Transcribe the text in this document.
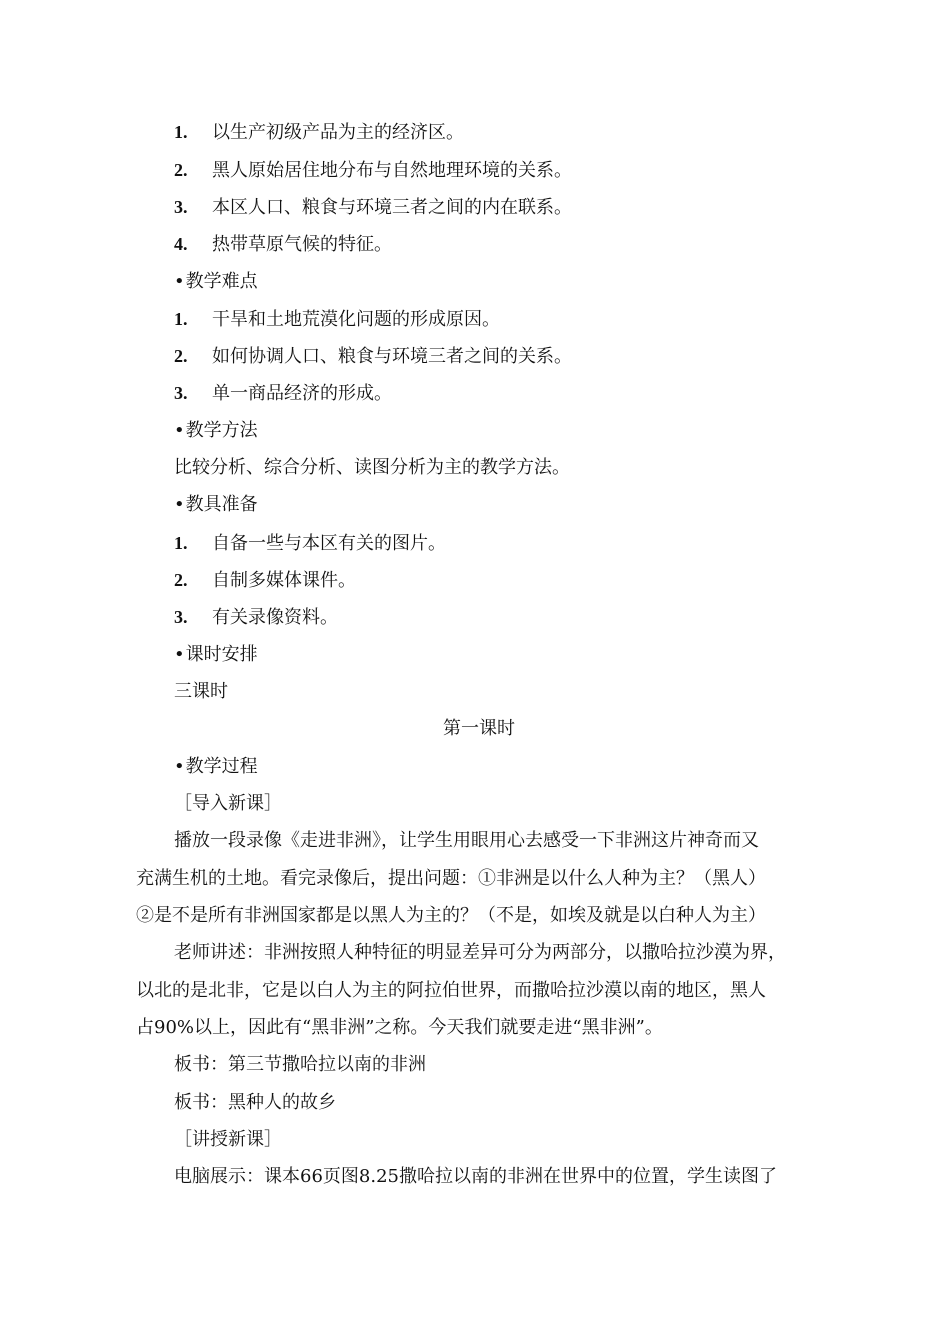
1. 以生产初级产品为主的经济区。
2. 黑人原始居住地分布与自然地理环境的关系。
3. 本区人口、粮食与环境三者之间的内在联系。
4. 热带草原气候的特征。
• 教学难点
1. 干旱和土地荒漠化问题的形成原因。
2. 如何协调人口、粮食与环境三者之间的关系。
3. 单一商品经济的形成。
• 教学方法
比较分析、综合分析、读图分析为主的教学方法。
• 教具准备
1. 自备一些与本区有关的图片。
2. 自制多媒体课件。
3. 有关录像资料。
• 课时安排
三课时
第一课时
• 教学过程
［导入新课］
播放一段录像《走进非洲》，让学生用眼用心去感受一下非洲这片神奇而又
充满生机的土地。看完录像后，提出问题：①非洲是以什么人种为主？（黑人）
②是不是所有非洲国家都是以黑人为主的？（不是，如埃及就是以白种人为主）
老师讲述：非洲按照人种特征的明显差异可分为两部分，以撒哈拉沙漠为界，
以北的是北非，它是以白人为主的阿拉伯世界，而撒哈拉沙漠以南的地区，黑人
占90%以上，因此有“黑非洲”之称。今天我们就要走进“黑非洲”。
板书：第三节撒哈拉以南的非洲
板书：黑种人的故乡
［讲授新课］
电脑展示：课本66页图8.25撒哈拉以南的非洲在世界中的位置，学生读图了
